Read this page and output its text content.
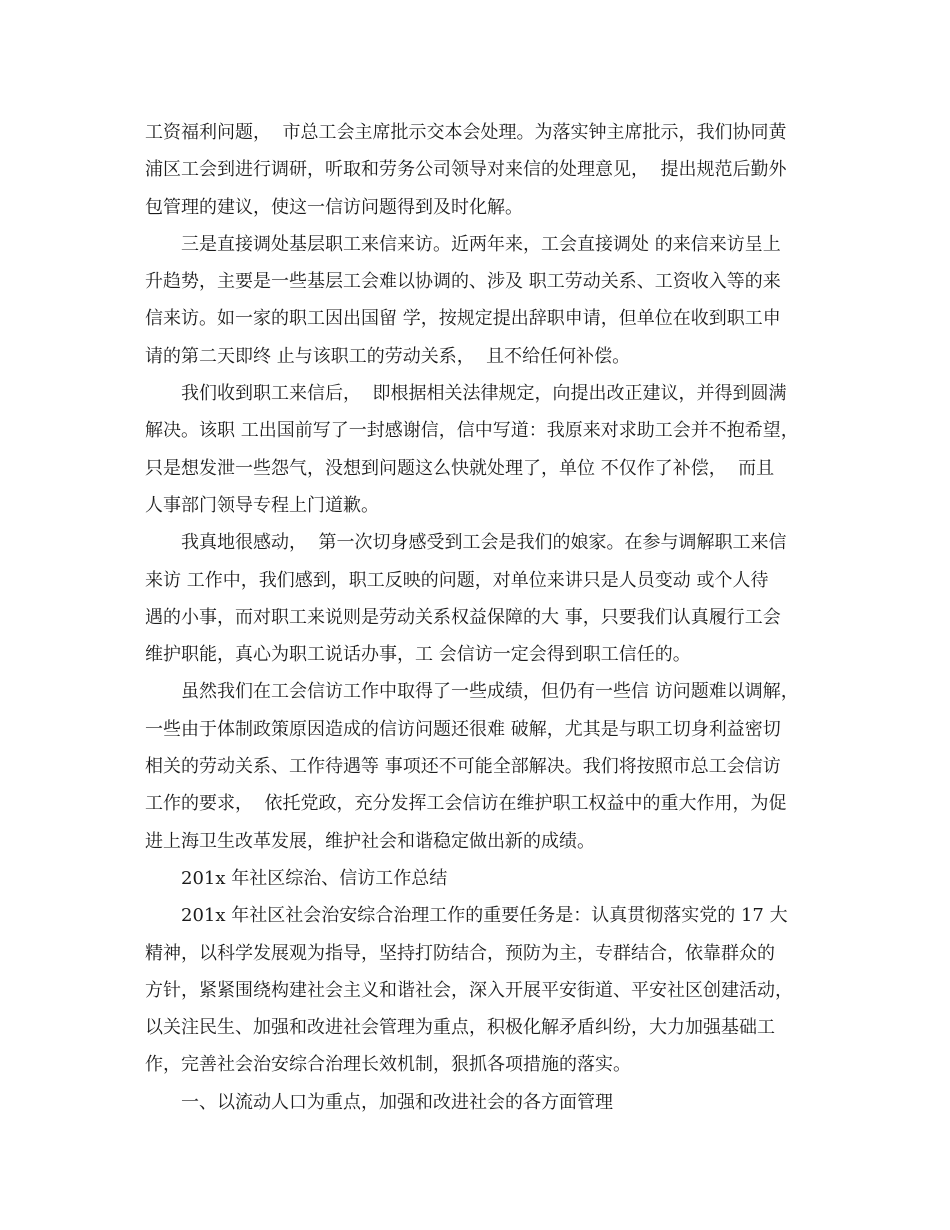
工资福利问题，  市总工会主席批示交本会处理。为落实钟主席批示，我们协同黄
浦区工会到进行调研，听取和劳务公司领导对来信的处理意见，  提出规范后勤外
包管理的建议，使这一信访问题得到及时化解。
三是直接调处基层职工来信来访。近两年来，工会直接调处 的来信来访呈上
升趋势，主要是一些基层工会难以协调的、涉及 职工劳动关系、工资收入等的来
信来访。如一家的职工因出国留 学，按规定提出辞职申请，但单位在收到职工申
请的第二天即终 止与该职工的劳动关系，  且不给任何补偿。
我们收到职工来信后，  即根据相关法律规定，向提出改正建议，并得到圆满
解决。该职 工出国前写了一封感谢信，信中写道：我原来对求助工会并不抱希望，
只是想发泄一些怨气，没想到问题这么快就处理了，单位 不仅作了补偿，  而且
人事部门领导专程上门道歉。
我真地很感动，  第一次切身感受到工会是我们的娘家。在参与调解职工来信
来访 工作中，我们感到，职工反映的问题，对单位来讲只是人员变动 或个人待
遇的小事，而对职工来说则是劳动关系权益保障的大 事，只要我们认真履行工会
维护职能，真心为职工说话办事，工 会信访一定会得到职工信任的。
虽然我们在工会信访工作中取得了一些成绩，但仍有一些信 访问题难以调解，
一些由于体制政策原因造成的信访问题还很难 破解，尤其是与职工切身利益密切
相关的劳动关系、工作待遇等 事项还不可能全部解决。我们将按照市总工会信访
工作的要求，  依托党政，充分发挥工会信访在维护职工权益中的重大作用，为促
进上海卫生改革发展，维护社会和谐稳定做出新的成绩。
201x 年社区综治、信访工作总结
201x 年社区社会治安综合治理工作的重要任务是：认真贯彻落实党的 17 大
精神，以科学发展观为指导，坚持打防结合，预防为主，专群结合，依靠群众的
方针，紧紧围绕构建社会主义和谐社会，深入开展平安街道、平安社区创建活动，
以关注民生、加强和改进社会管理为重点，积极化解矛盾纠纷，大力加强基础工
作，完善社会治安综合治理长效机制，狠抓各项措施的落实。
一、以流动人口为重点，加强和改进社会的各方面管理
